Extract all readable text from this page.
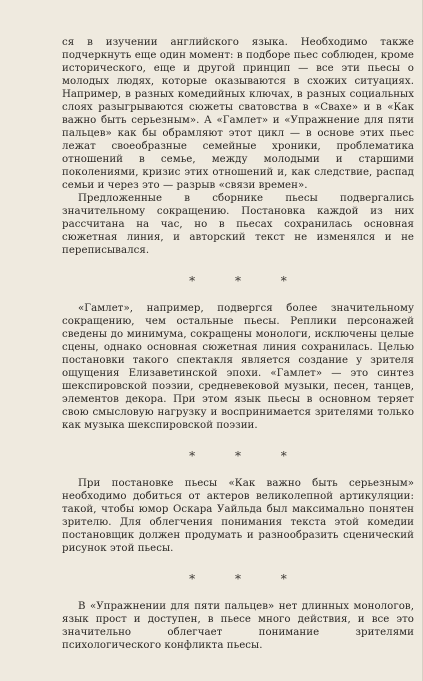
ся в изучении английского языка. Необходимо также подчеркнуть еще один момент: в подборе пьес соблюден, кроме исторического, еще и другой принцип — все эти пьесы о молодых людях, которые оказываются в схожих ситуациях. Например, в разных комедийных ключах, в разных социальных слоях разыгрываются сюжеты сватовства в «Свахе» и в «Как важно быть серьезным». А «Гамлет» и «Упражнение для пяти пальцев» как бы обрамляют этот цикл — в основе этих пьес лежат своеобразные семейные хроники, проблематика отношений в семье, между молодыми и старшими поколениями, кризис этих отношений и, как следствие, распад семьи и через это — разрыв «связи времен».

Предложенные в сборнике пьесы подвергались значительному сокращению. Постановка каждой из них рассчитана на час, но в пьесах сохранилась основная сюжетная линия, и авторский текст не изменялся и не переписывался.

* * *

«Гамлет», например, подвергся более значительному сокращению, чем остальные пьесы. Реплики персонажей сведены до минимума, сокращены монологи, исключены целые сцены, однако основная сюжетная линия сохранилась. Целью постановки такого спектакля является создание у зрителя ощущения Елизаветинской эпохи. «Гамлет» — это синтез шекспировской поэзии, средневековой музыки, песен, танцев, элементов декора. При этом язык пьесы в основном теряет свою смысловую нагрузку и воспринимается зрителями только как музыка шекспировской поэзии.

* * *

При постановке пьесы «Как важно быть серьезным» необходимо добиться от актеров великолепной артикуляции: такой, чтобы юмор Оскара Уайльда был максимально понятен зрителю. Для облегчения понимания текста этой комедии постановщик должен продумать и разнообразить сценический рисунок этой пьесы.

* * *

В «Упражнении для пяти пальцев» нет длинных монологов, язык прост и доступен, в пьесе много действия, и все это значительно облегчает понимание зрителями психологического конфликта пьесы.
